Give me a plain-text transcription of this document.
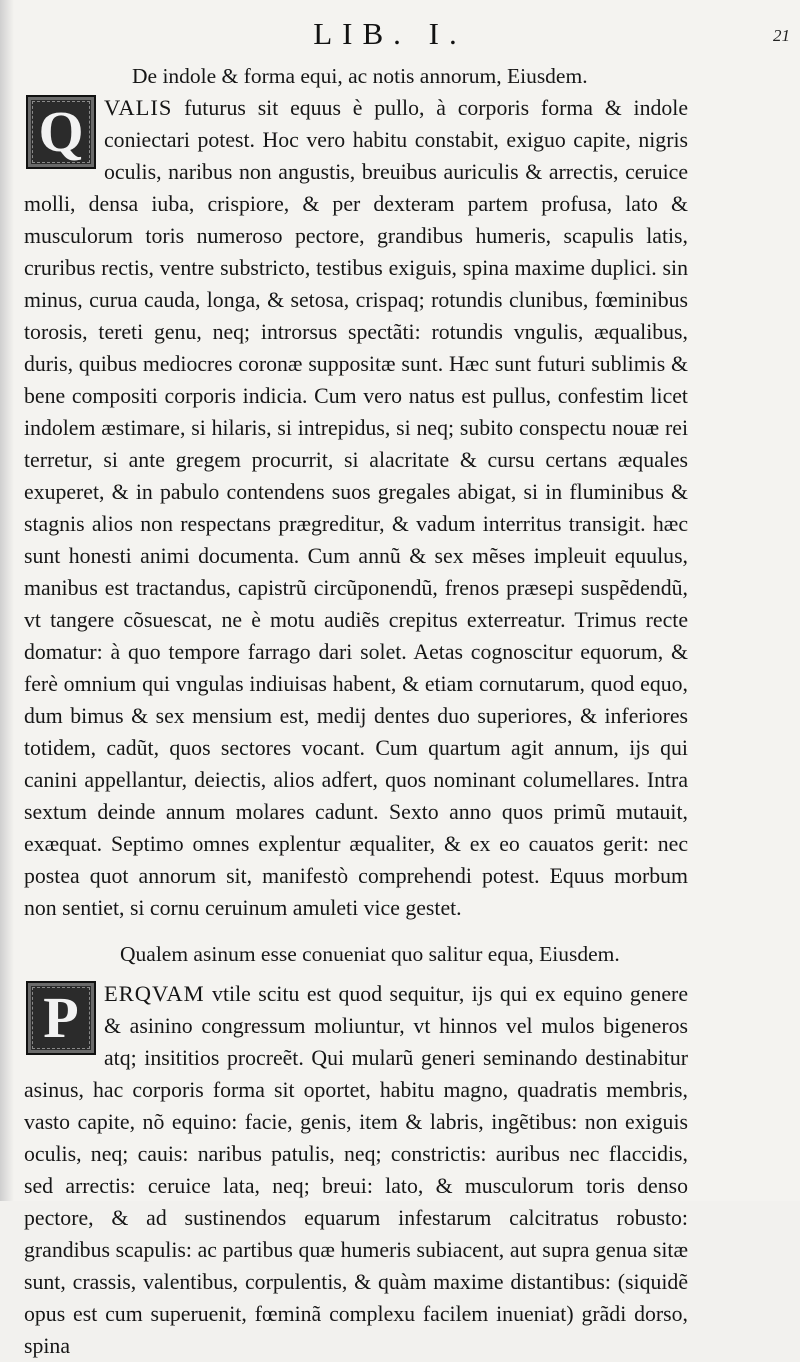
LIB. I.	21
De indole & forma equi, ac notis annorum, Eiusdem.
Q VALIS futurus sit equus è pullo, à corporis forma & indole coniectari potest. Hoc vero habitu constabit, exiguo capite, nigris oculis, naribus non angustis, breuibus auriculis & arrectis, ceruice molli, densa iuba, crispiore, & per dexteram partem profusa, lato & musculorum toris numeroso pectore, grandibus humeris, scapulis latis, cruribus rectis, ventre substricto, testibus exiguis, spina maxime duplici. sin minus, curua cauda, longa, & setosa, crispaq; rotundis clunibus, fœminibus torosis, tereti genu, neq; introrsus spectãti: rotundis vngulis, æqualibus, duris, quibus mediocres coronæ suppositæ sunt. Hæc sunt futuri sublimis & bene compositi corporis indicia. Cum vero natus est pullus, confestim licet indolem æstimare, si hilaris, si intrepidus, si neq; subito conspectu nouæ rei terretur, si ante gregem procurrit, si alacritate & cursu certans æquales exuperet, & in pabulo contendens suos gregales abigat, si in fluminibus & stagnis alios non respectans prægreditur, & vadum interritus transigit. hæc sunt honesti animi documenta. Cum annũ & sex mẽses impleuit equulus, manibus est tractandus, capistrũ circũponendũ, frenos præsepi suspẽdendũ, vt tangere cõsuescat, ne è motu audiẽs crepitus exterreatur. Trimus recte domatur: à quo tempore farrago dari solet. Aetas cognoscitur equorum, & ferè omnium qui vngulas indiuisas habent, & etiam cornutarum, quod equo, dum bimus & sex mensium est, medij dentes duo superiores, & inferiores totidem, cadũt, quos sectores vocant. Cum quartum agit annum, ijs qui canini appellantur, deiectis, alios adfert, quos nominant columellares. Intra sextum deinde annum molares cadunt. Sexto anno quos primũ mutauit, exæquat. Septimo omnes explentur æqualiter, & ex eo cauatos gerit: nec postea quot annorum sit, manifestò comprehendi potest. Equus morbum non sentiet, si cornu ceruinum amuleti vice gestet.
Qualem asinum esse conueniat quo salitur equa, Eiusdem.
P	ERQVAM vtile scitu est quod sequitur, ijs qui ex equino genere & asinino congressum moliuntur, vt hinnos vel mulos bigeneros atq; insititios procreẽt. Qui mularũ generi seminando destinabitur asinus, hac corporis forma sit oportet, habitu magno, quadratis membris, vasto capite, nõ equino: facie, genis, item & labris, ingẽtibus: non exiguis oculis, neq; cauis: naribus patulis, neq; constrictis: auribus nec flaccidis, sed arrectis: ceruice lata, neq; breui: lato, & musculorum toris denso pectore, & ad sustinendos equarum infestarum calcitratus robusto: grandibus scapulis: ac partibus quæ humeris subiacent, aut supra genua sitæ sunt, crassis, valentibus, corpulentis, & quàm maxime distantibus: (siquidẽ opus est cum superuenit, fœminã complexu facilem inueniat) grãdi dorso, spina
